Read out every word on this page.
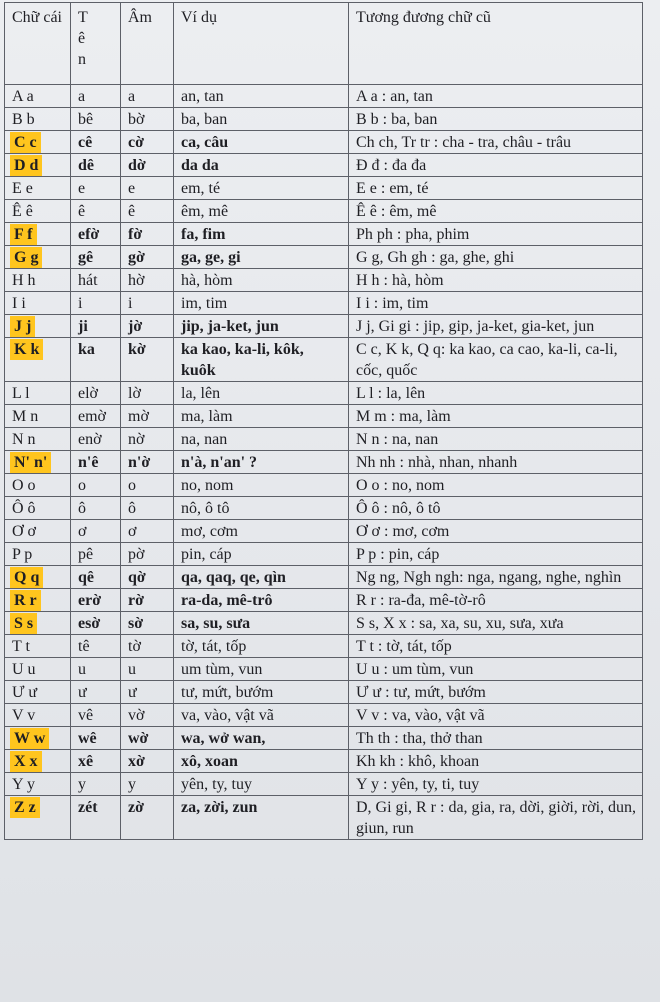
Chữ cái	T ê n	Âm	Ví dụ	Tương đương chữ cũ
A a	a	a	an, tan	A a : an, tan
B b	bê	bờ	ba, ban	B b : ba, ban
C c	cê	cờ	ca, câu	Ch ch, Tr tr : cha - tra, châu - trâu
D d	dê	dờ	da da	Đ đ : đa đa
E e	e	e	em, té	E e : em, té
Ê ê	ê	ê	êm, mê	Ê ê : êm, mê
F f	efờ	fờ	fa, fim	Ph ph : pha, phim
G g	gê	gờ	ga, ge, gi	G g, Gh gh : ga, ghe, ghi
H h	hát	hờ	hà, hòm	H h : hà, hòm
I i	i	i	im, tim	I i : im, tim
J j	ji	jờ	jip, ja-ket, jun	J j, Gi gi : jip, gip, ja-ket, gia-ket, jun
K k	ka	kờ	ka kao, ka-li, kôk, kuôk	C c, K k, Q q: ka kao, ca cao, ka-li, ca-li, cốc, quốc
L l	elờ	lờ	la, lên	L l : la, lên
M n	emờ	mờ	ma, làm	M m : ma, làm
N n	enờ	nờ	na, nan	N n : na, nan
N' n'	n'ê	n'ờ	n'à, n'an' ?	Nh nh : nhà, nhan, nhanh
O o	o	o	no, nom	O o : no, nom
Ô ô	ô	ô	nô, ô tô	Ô ô : nô, ô tô
Ơ ơ	ơ	ơ	mơ, cơm	Ơ ơ : mơ, cơm
P p	pê	pờ	pin, cáp	P p : pin, cáp
Q q	qê	qờ	qa, qaq, qe, qìn	Ng ng, Ngh ngh: nga, ngang, nghe, nghìn
R r	erờ	rờ	ra-da, mê-trô	R r : ra-đa, mê-tờ-rô
S s	esờ	sờ	sa, su, sưa	S s, X x : sa, xa, su, xu, sưa, xưa
T t	tê	tờ	tờ, tát, tốp	T t : tờ, tát, tốp
U u	u	u	um tùm, vun	U u : um tùm, vun
Ư ư	ư	ư	tư, mứt, bướm	Ư ư : tư, mứt, bướm
V v	vê	vờ	va, vào, vật vã	V v : va, vào, vật vã
W w	wê	wờ	wa, wở wan,	Th th : tha, thở than
X x	xê	xờ	xô, xoan	Kh kh : khô, khoan
Y y	y	y	yên, ty, tuy	Y y : yên, ty, ti, tuy
Z z	zét	zờ	za, zời, zun	D, Gi gi, R r : da, gia, ra, dời, giời, rời, dun, giun, run
